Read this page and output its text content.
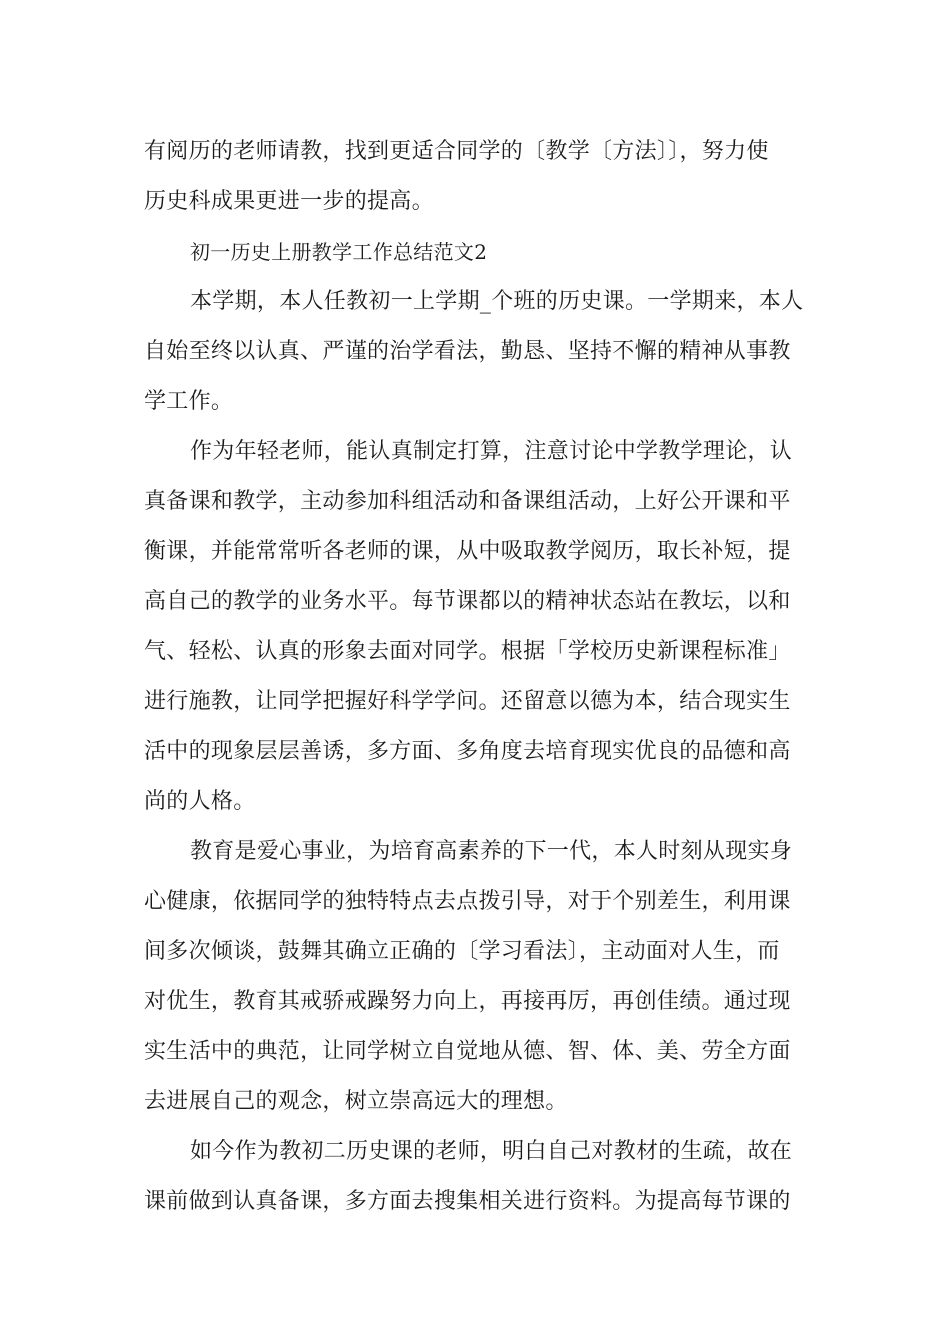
有阅历的老师请教，找到更适合同学的〔教学〔方法〕〕，努力使
历史科成果更进一步的提高。
初一历史上册教学工作总结范文2
本学期，本人任教初一上学期_个班的历史课。一学期来，本人
自始至终以认真、严谨的治学看法，勤恳、坚持不懈的精神从事教
学工作。
作为年轻老师，能认真制定打算，注意讨论中学教学理论，认
真备课和教学，主动参加科组活动和备课组活动，上好公开课和平
衡课，并能常常听各老师的课，从中吸取教学阅历，取长补短，提
高自己的教学的业务水平。每节课都以的精神状态站在教坛，以和
气、轻松、认真的形象去面对同学。根据「学校历史新课程标准」
进行施教，让同学把握好科学学问。还留意以德为本，结合现实生
活中的现象层层善诱，多方面、多角度去培育现实优良的品德和高
尚的人格。
教育是爱心事业，为培育高素养的下一代，本人时刻从现实身
心健康，依据同学的独特特点去点拨引导，对于个别差生，利用课
间多次倾谈，鼓舞其确立正确的〔学习看法〕，主动面对人生，而
对优生，教育其戒骄戒躁努力向上，再接再厉，再创佳绩。通过现
实生活中的典范，让同学树立自觉地从德、智、体、美、劳全方面
去进展自己的观念，树立崇高远大的理想。
如今作为教初二历史课的老师，明白自己对教材的生疏，故在
课前做到认真备课，多方面去搜集相关进行资料。为提高每节课的
